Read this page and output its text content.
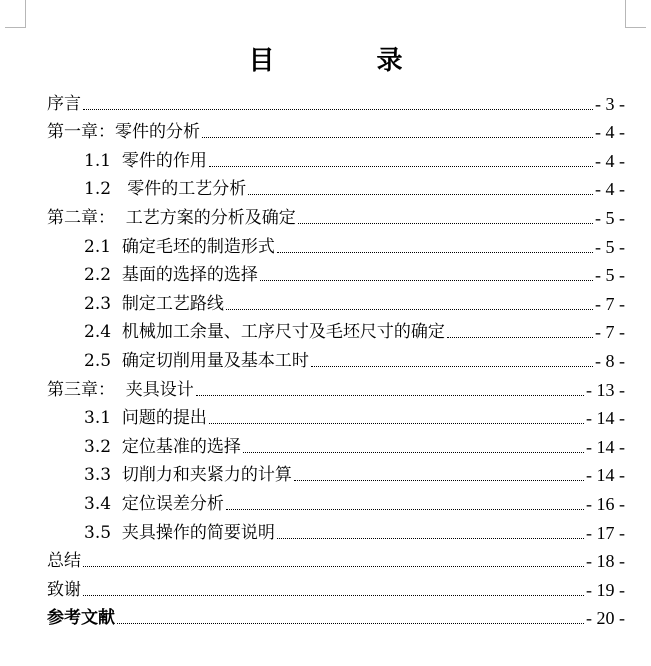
目　录
序言	- 3 -
第一章：零件的分析	- 4 -
1.1  零件的作用	- 4 -
1.2   零件的工艺分析	- 4 -
第二章：  工艺方案的分析及确定	- 5 -
2.1  确定毛坯的制造形式	- 5 -
2.2  基面的选择的选择	- 5 -
2.3  制定工艺路线	- 7 -
2.4  机械加工余量、工序尺寸及毛坯尺寸的确定	- 7 -
2.5  确定切削用量及基本工时	- 8 -
第三章：  夹具设计	- 13 -
3.1  问题的提出	- 14 -
3.2  定位基准的选择	- 14 -
3.3  切削力和夹紧力的计算	- 14 -
3.4  定位误差分析	- 16 -
3.5  夹具操作的简要说明	- 17 -
总结	- 18 -
致谢	- 19 -
参考文献	- 20 -
